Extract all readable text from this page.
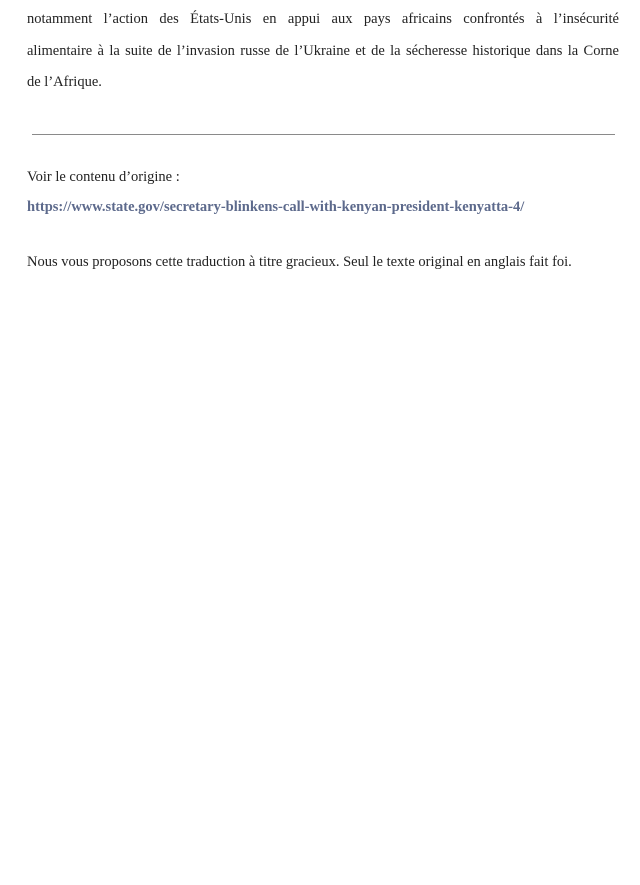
notamment l’action des États-Unis en appui aux pays africains confrontés à l’insécurité
alimentaire à la suite de l’invasion russe de l’Ukraine et de la sécheresse historique dans la Corne
de l’Afrique.

Voir le contenu d’origine :

https://www.state.gov/secretary-blinkens-call-with-kenyan-president-kenyatta-4/

Nous vous proposons cette traduction à titre gracieux. Seul le texte original en anglais fait foi.
